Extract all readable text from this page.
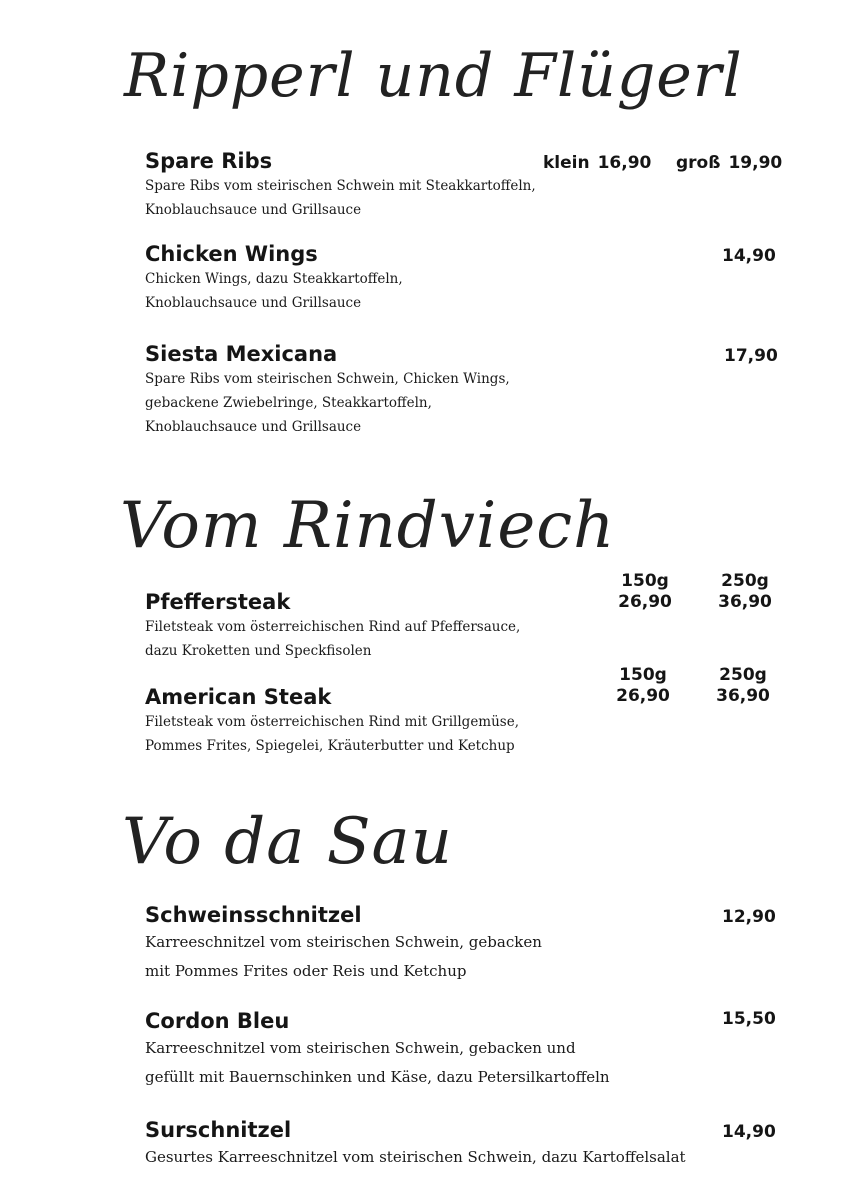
Ripperl und Flügerl
Spare Ribs
Spare Ribs vom steirischen Schwein mit Steakkartoffeln,
Knoblauchsauce und Grillsauce
klein 16,90 groß 19,90
Chicken Wings
Chicken Wings, dazu Steakkartoffeln,
Knoblauchsauce und Grillsauce
14,90
Siesta Mexicana
Spare Ribs vom steirischen Schwein, Chicken Wings,
gebackene Zwiebelringe, Steakkartoffeln,
Knoblauchsauce und Grillsauce
17,90
Vom Rindviech
Pfeffersteak
Filetsteak vom österreichischen Rind auf Pfeffersauce,
dazu Kroketten und Speckfisolen
150g
26,90
250g
36,90
American Steak
Filetsteak vom österreichischen Rind mit Grillgemüse,
Pommes Frites, Spiegelei, Kräuterbutter und Ketchup
150g
26,90
250g
36,90
Vo da Sau
Schweinsschnitzel
Karreeschnitzel vom steirischen Schwein, gebacken
mit Pommes Frites oder Reis und Ketchup
12,90
Cordon Bleu
Karreeschnitzel vom steirischen Schwein, gebacken und
gefüllt mit Bauernschinken und Käse, dazu Petersilkartoffeln
15,50
Surschnitzel
Gesurtes Karreeschnitzel vom steirischen Schwein, dazu Kartoffelsalat
14,90
